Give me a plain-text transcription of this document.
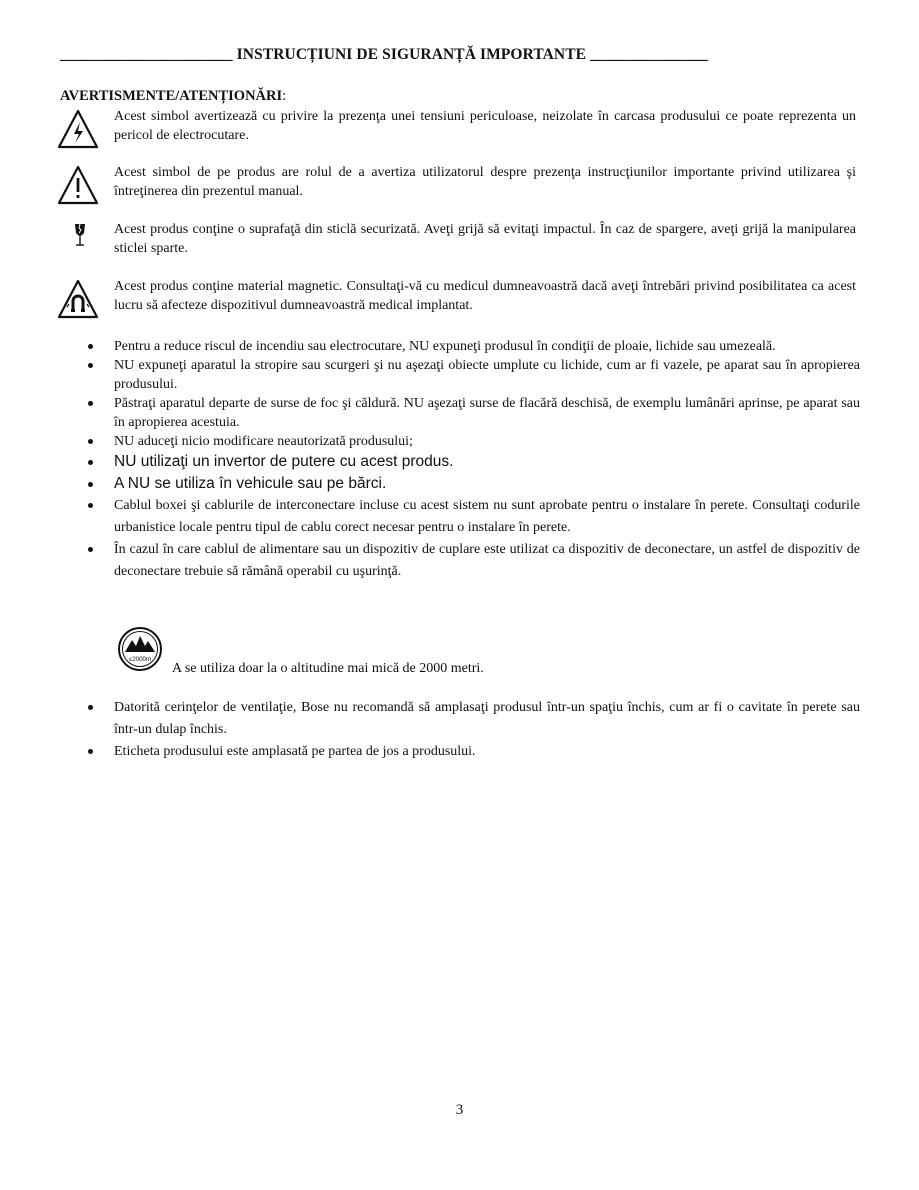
______________________ INSTRUCȚIUNI DE SIGURANȚĂ IMPORTANTE _______________
AVERTISMENTE/ATENȚIONĂRI:
Acest simbol avertizează cu privire la prezenţa unei tensiuni periculoase, neizolate în carcasa produsului ce poate reprezenta un pericol de electrocutare.
Acest simbol de pe produs are rolul de a avertiza utilizatorul despre prezenţa instrucţiunilor importante privind utilizarea şi întreţinerea din prezentul manual.
Acest produs conţine o suprafaţă din sticlă securizată. Aveţi grijă să evitaţi impactul. În caz de spargere, aveţi grijă la manipularea sticlei sparte.
Acest produs conţine material magnetic. Consultaţi-vă cu medicul dumneavoastră dacă aveţi întrebări privind posibilitatea ca acest lucru să afecteze dispozitivul dumneavoastră medical implantat.
Pentru a reduce riscul de incendiu sau electrocutare, NU expuneţi produsul în condiţii de ploaie, lichide sau umezeală.
NU expuneţi aparatul la stropire sau scurgeri şi nu aşezaţi obiecte umplute cu lichide, cum ar fi vazele, pe aparat sau în apropierea produsului.
Păstraţi aparatul departe de surse de foc şi căldură. NU aşezaţi surse de flacără deschisă, de exemplu lumânări aprinse, pe aparat sau în apropierea acestuia.
NU aduceţi nicio modificare neautorizată produsului;
NU utilizaţi un invertor de putere cu acest produs.
A NU se utiliza în vehicule sau pe bărci.
Cablul boxei şi cablurile de interconectare incluse cu acest sistem nu sunt aprobate pentru o instalare în perete. Consultaţi codurile urbanistice locale pentru tipul de cablu corect necesar pentru o instalare în perete.
În cazul în care cablul de alimentare sau un dispozitiv de cuplare este utilizat ca dispozitiv de deconectare, un astfel de dispozitiv de deconectare trebuie să rămână operabil cu uşurinţă.
≤2000m
A se utiliza doar la o altitudine mai mică de 2000 metri.
Datorită cerinţelor de ventilaţie, Bose nu recomandă să amplasaţi produsul într-un spaţiu închis, cum ar fi o cavitate în perete sau într-un dulap închis.
Eticheta produsului este amplasată pe partea de jos a produsului.
3
